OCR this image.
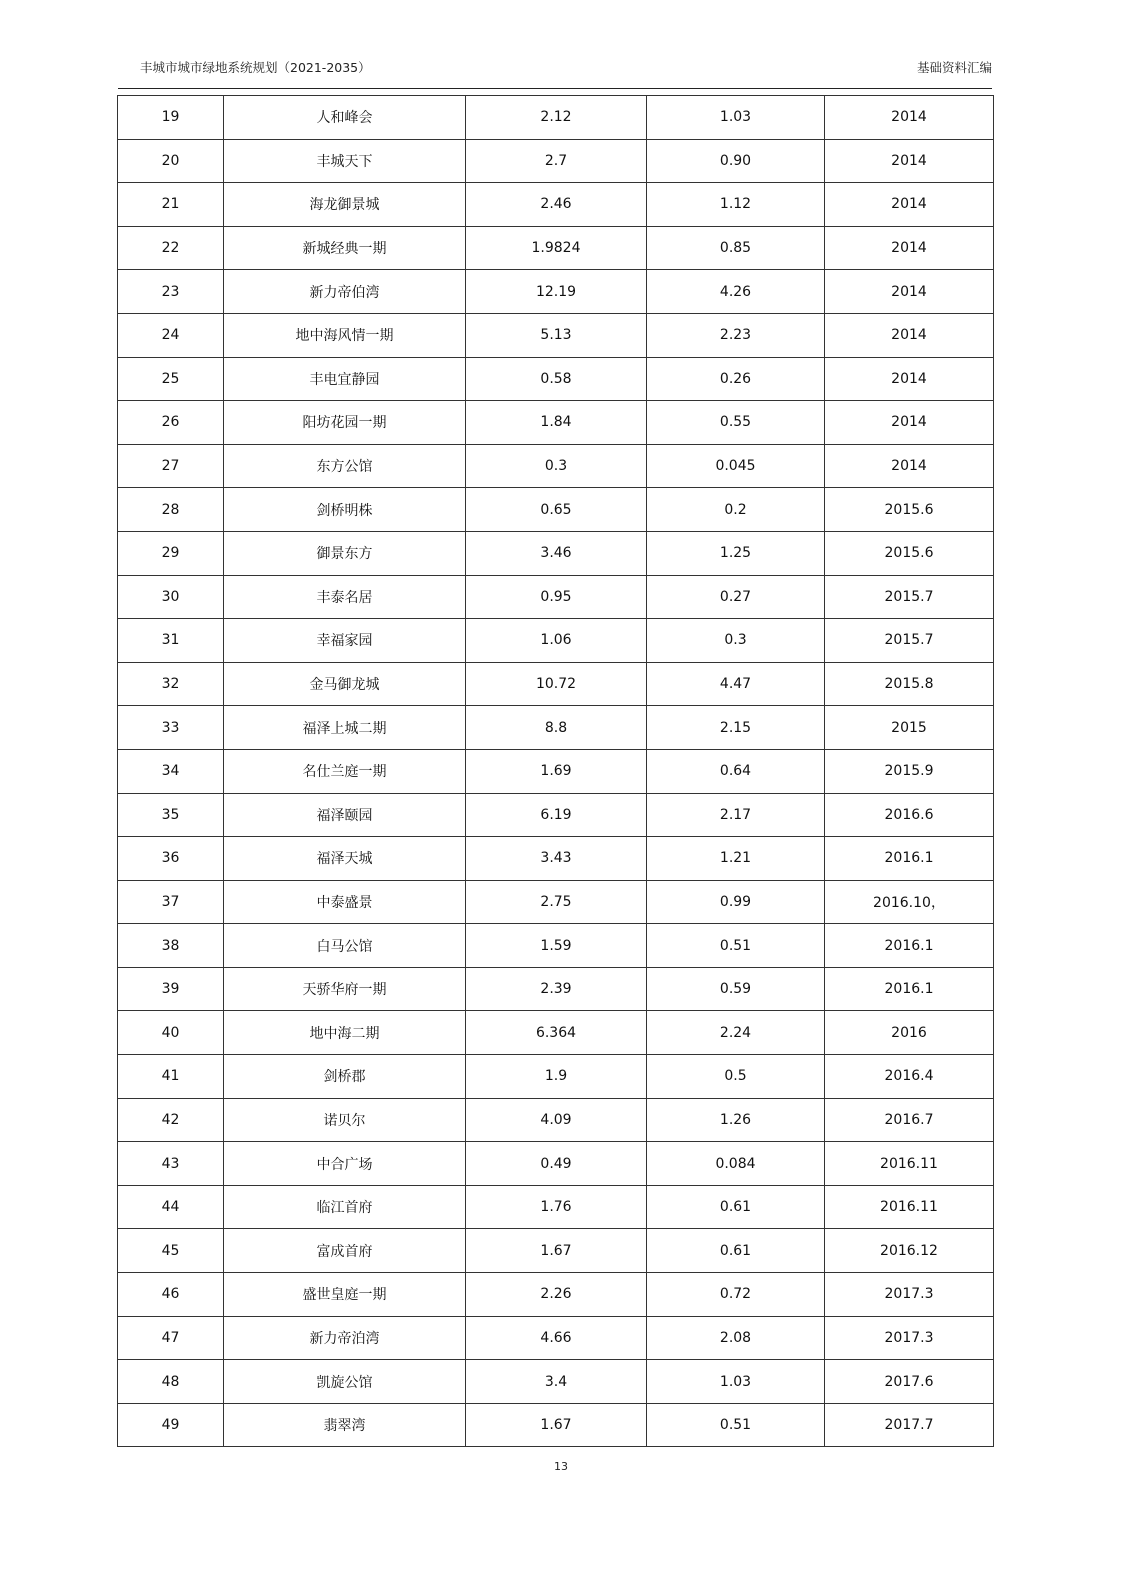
丰城市城市绿地系统规划（2021-2035）	基础资料汇编
19	人和峰会	2.12	1.03	2014
20	丰城天下	2.7	0.90	2014
21	海龙御景城	2.46	1.12	2014
22	新城经典一期	1.9824	0.85	2014
23	新力帝伯湾	12.19	4.26	2014
24	地中海风情一期	5.13	2.23	2014
25	丰电宜静园	0.58	0.26	2014
26	阳坊花园一期	1.84	0.55	2014
27	东方公馆	0.3	0.045	2014
28	剑桥明株	0.65	0.2	2015.6
29	御景东方	3.46	1.25	2015.6
30	丰泰名居	0.95	0.27	2015.7
31	幸福家园	1.06	0.3	2015.7
32	金马御龙城	10.72	4.47	2015.8
33	福泽上城二期	8.8	2.15	2015
34	名仕兰庭一期	1.69	0.64	2015.9
35	福泽颐园	6.19	2.17	2016.6
36	福泽天城	3.43	1.21	2016.1
37	中泰盛景	2.75	0.99	2016.10，
38	白马公馆	1.59	0.51	2016.1
39	天骄华府一期	2.39	0.59	2016.1
40	地中海二期	6.364	2.24	2016
41	剑桥郡	1.9	0.5	2016.4
42	诺贝尔	4.09	1.26	2016.7
43	中合广场	0.49	0.084	2016.11
44	临江首府	1.76	0.61	2016.11
45	富成首府	1.67	0.61	2016.12
46	盛世皇庭一期	2.26	0.72	2017.3
47	新力帝泊湾	4.66	2.08	2017.3
48	凯旋公馆	3.4	1.03	2017.6
49	翡翠湾	1.67	0.51	2017.7
13
